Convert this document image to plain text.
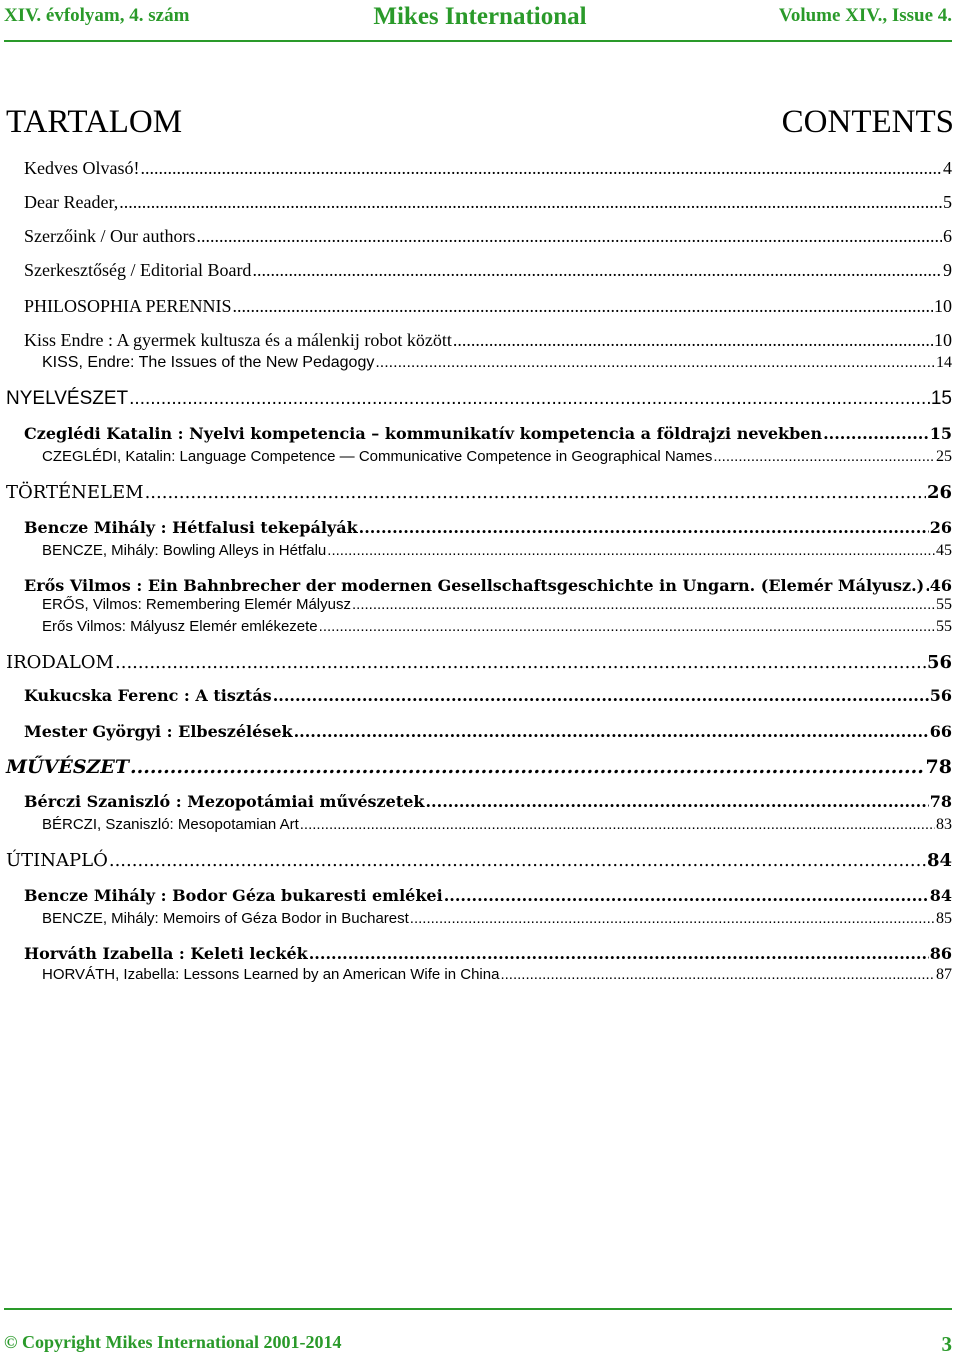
XIV. évfolyam, 4. szám	Mikes International	Volume XIV., Issue 4.
TARTALOM	CONTENTS
Kedves Olvasó! .....	4
Dear Reader, .....	5
Szerzőink / Our authors .....	6
Szerkesztőség / Editorial Board .....	9
PHILOSOPHIA PERENNIS .....	10
Kiss Endre : A gyermek kultusza és a málenkij robot között .....	10
KISS, Endre: The Issues of the New Pedagogy .....	14
NYELVÉSZET .....	15
Czeglédi Katalin : Nyelvi kompetencia – kommunikatív kompetencia a földrajzi nevekben .....	15
CZEGLÉDI, Katalin: Language Competence — Communicative Competence in Geographical Names .....	25
TÖRTÉNELEM .....	26
Bencze Mihály : Hétfalusi tekepályák .....	26
BENCZE, Mihály: Bowling Alleys in Hétfalu .....	45
Erős Vilmos : Ein Bahnbrecher der modernen Gesellschaftsgeschichte in Ungarn. (Elemér Mályusz.) ..... 46
ERŐS, Vilmos: Remembering Elemér Mályusz .....	55
Erős Vilmos: Mályusz Elemér emlékezete .....	55
IRODALOM .....	56
Kukucska Ferenc : A tisztás .....	56
Mester Györgyi : Elbeszélések .....	66
MŰVÉSZET .....	78
Bérczi Szaniszló : Mezopotámiai művészetek .....	78
BÉRCZI, Szaniszló: Mesopotamian Art .....	83
ÚTINAPLÓ .....	84
Bencze Mihály : Bodor Géza bukaresti emlékei .....	84
BENCZE, Mihály: Memoirs of Géza Bodor in Bucharest .....	85
Horváth Izabella : Keleti leckék .....	86
HORVÁTH, Izabella: Lessons Learned by an American Wife in China .....	87
© Copyright Mikes International 2001-2014	3
